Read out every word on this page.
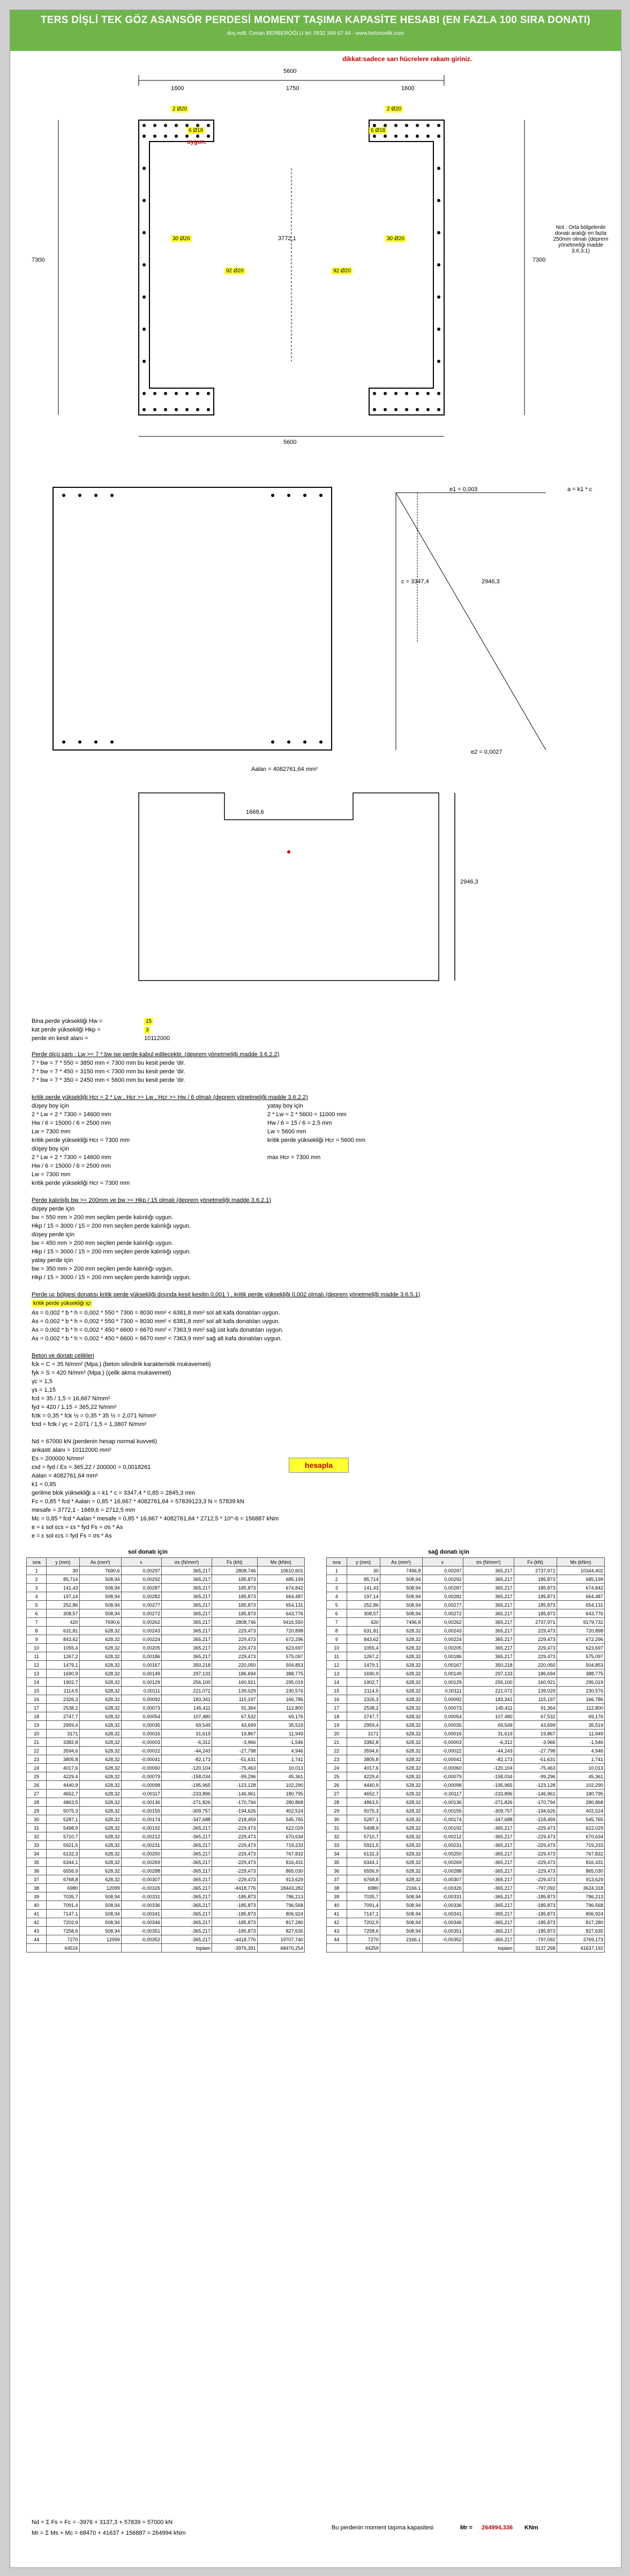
TERS DİŞLİ TEK GÖZ ASANSÖR PERDESİ MOMENT TAŞIMA KAPASİTE HESABI (EN FAZLA 100 SIRA DONATI)
doç.mdt. Cenan BERBEROĞLU tel: 0532 366 67 84 - www.betoncelik.com
dikkat:sadece sarı hücrelere rakam giriniz.
5600
1600	1750	1600
7300	7300
5600
3772,1
2 Ø20
6 Ø18
30 Ø20
92 Ø20
2 Ø20
6 Ø18
30 Ø20
92 Ø20
uygun.
Not : Orta bölgelerde donatı aralığı en fazla 250mm olmalı (deprem yönetmeliği madde 3.6.3.1)
e1 = 0,003	a = k1 * c
c = 3347,4	2946,3
e2 = 0,0027
Aalan = 4082761,64 mm²
1669,6
2946,3
Bina perde yüksekliği Hw =	15
kat perde yüksekliği Hkp =	3
perde en kesit alanı =	10112000
Perde ölçü şartı : Lw >= 7 * bw ise perde kabul edilecektir. (deprem yönetmeliği madde 3.6.2.2)
7 * bw = 7 * 550 = 3850 mm < 7300 mm bu kesit perde 'dir.
7 * bw = 7 * 450 = 3150 mm < 7300 mm bu kesit perde 'dir.
7 * bw = 7 * 350 = 2450 mm < 5600 mm bu kesit perde 'dir.
kritik perde yüksekliği Hcr = 2 * Lw , Hcr >= Lw , Hcr >= Hw / 6 olmalı (deprem yönetmeliği madde 3.6.2.2)
düşey boy için
2 * Lw = 2 * 7300 = 14600 mm
Hw / 6 = 15000 / 6 = 2500 mm
Lw = 7300 mm
kritik perde yüksekliği Hcr = 7300 mm
düşey boy için
2 * Lw = 2 * 7300 = 14600 mm
Hw / 6 = 15000 / 6 = 2500 mm
Lw = 7300 mm
kritik perde yüksekliği Hcr = 7300 mm
yatay boy için
2 * Lw = 2 * 5600 = 11000 mm
Hw / 6 = 15 / 6 = 2,5 mm
Lw = 5600 mm
kritik perde yüksekliği Hcr = 5600 mm
max Hcr = 7300 mm
Perde kalınlığı bw >= 200mm ve bw >= Hkp / 15 olmalı (deprem yönetmeliği madde 3.6.2.1)
düşey perde için
bw = 550 mm > 200 mm seçilen perde kalınlığı uygun.
Hkp / 15 = 3000 / 15 = 200 mm seçilen perde kalınlığı uygun.
düşey perde için
bw = 450 mm > 200 mm seçilen perde kalınlığı uygun.
Hkp / 15 = 3000 / 15 = 200 mm seçilen perde kalınlığı uygun.
yatay perde için
bw = 350 mm > 200 mm seçilen perde kalınlığı uygun.
Hkp / 15 = 3000 / 15 = 200 mm seçilen perde kalınlığı uygun.
Perde uç bölgesi donatısı kritik perde yüksekliği dışında kesit kesitin 0,001 'i , kritik perde yüksekliği 0,002 olmalı (deprem yönetmeliği madde 3.6.5.1)
kritik perde yüksekliği içi
As = 0,002 * b * h = 0,002 * 550 * 7300 = 8030 mm² < 6381,8 mm² sol alt kafa donatıları uygun.
As = 0,002 * b * h = 0,002 * 550 * 7300 = 8030 mm² < 6381,8 mm² sol alt kafa donatıları uygun.
As = 0,002 * b * h = 0,002 * 450 * 6600 = 6670 mm² < 7363,9 mm² sağ üst kafa donatıları uygun.
As = 0,002 * b * h = 0,002 * 450 * 6600 = 6670 mm² < 7363,9 mm² sağ alt kafa donatıları uygun.
Beton ve donatı çelikleri
fck = C = 35 N/mm² (Mpa.) (beton silindirik karakteristik mukavemeti)
fyk = S = 420 N/mm² (Mpa.) (çelik akma mukavemeti)
γc = 1,5
γs = 1,15
fcd = 35 / 1,5 = 16,667 N/mm²
fyd = 420 / 1,15 = 365,22 N/mm²
fctk = 0,35 * fck ½ = 0,35 * 35 ½ = 2,071 N/mm²
fctd = fctk / γc = 2,071 / 1,5 = 1,3807 N/mm²
Nd = 67000 kN (perdenin hesap normal kuvveti)
ankastr alanı = 10112000 mm²
Es = 200000 N/mm²
εsd = fyd / Es = 365,22 / 200000 = 0,0018261
Aalan = 4082761,64 mm²
k1 = 0,85
gerilme blok yüksekliği a = k1 * c = 3347,4 * 0,85 = 2845,3 mm
Fc = 0,85 * fcd * Aalan = 0,85 * 16,667 * 4082761,64 = 57839123,3 N = 57839 kN
mesafe = 3772,1 - 1669,6 = 2712,5 mm
Mc = 0,85 * fcd * Aalan * mesafe = 0,85 * 16,667 * 4082761,64 * 2712,5 * 10^-6 = 156887 kNm
e = ε sol εcs = εs * fyd Fs = σs * As
e = ε sol εcs = fyd Fs = σs * As
hesapla
sol donatı için
sıra	y (mm)	As (mm²)	ε	σs (N/mm²)	Fs (kN)	Ms (kNm)
1	30	7690,6	0,00297	365,217	2808,746	10610,601
2	85,714	508,94	0,00292	365,217	185,873	685,199
3	141,43	508,94	0,00287	365,217	185,873	674,842
4	197,14	508,94	0,00282	365,217	185,873	664,487
5	252,86	508,94	0,00277	365,217	185,873	654,131
6	308,57	508,94	0,00272	365,217	185,873	643,776
7	420	7690,6	0,00262	365,217	2808,746	9416,550
8	631,81	628,32	0,00243	365,217	229,473	720,898
9	843,62	628,32	0,00224	365,217	229,473	672,296
10	1055,4	628,32	0,00205	365,217	229,473	623,697
11	1267,2	628,32	0,00186	365,217	229,473	575,097
12	1479,1	628,32	0,00167	350,218	220,050	504,853
13	1690,9	628,32	0,00149	297,133	186,694	388,775
14	1902,7	628,32	0,00129	256,100	160,921	295,019
15	2114,5	628,32	0,00111	221,072	139,029	230,576
16	2326,3	628,32	0,00092	183,341	115,197	166,786
17	2538,2	628,32	0,00073	145,411	91,364	112,800
18	2747,7	628,32	0,00054	107,480	67,532	69,176
19	2959,4	628,32	0,00035	69,549	43,699	35,519
20	3171	628,32	0,00016	31,619	19,867	11,949
21	3382,8	628,32	-0,00003	-6,312	-3,966	-1,546
22	3594,6	628,32	-0,00022	-44,243	-27,798	4,946
23	3805,8	628,32	-0,00041	-82,173	-51,631	1,741
24	4017,6	628,32	-0,00060	-120,104	-75,463	10,013
25	4229,4	628,32	-0,00079	-158,034	-99,296	45,361
26	4440,9	628,32	-0,00098	-195,965	-123,128	102,290
27	4652,7	628,32	-0,00117	-233,896	-146,961	180,795
28	4863,5	628,32	-0,00136	-271,826	-170,794	280,868
29	5075,3	628,32	-0,00155	-309,757	-194,626	402,524
30	5287,1	628,32	-0,00174	-347,688	-218,459	545,765
31	5498,9	628,32	-0,00192	-365,217	-229,473	622,029
32	5710,7	628,32	-0,00212	-365,217	-229,473	670,634
33	5921,5	628,32	-0,00231	-365,217	-229,473	719,233
34	6132,3	628,32	-0,00250	-365,217	-229,473	767,832
35	6344,1	628,32	-0,00269	-365,217	-229,473	816,431
36	6556,9	628,32	-0,00288	-365,217	-229,473	865,030
37	6768,8	628,32	-0,00307	-365,217	-229,473	913,629
38	6980	12099	-0,00326	-365,217	-4418,776	18443,282
39	7035,7	508,94	-0,00331	-365,217	-185,873	786,213
40	7091,4	508,94	-0,00336	-365,217	-185,873	796,568
41	7147,1	508,94	-0,00341	-365,217	-185,873	806,924
42	7202,9	508,94	-0,00346	-365,217	-185,873	817,280
43	7258,6	508,94	-0,00351	-365,217	-185,873	827,635
44	7270	12099	-0,00352	-365,217	-4418,776	19707,740
	64516			toplam	-3976,391	68470,254
sağ donatı için
sıra	y (mm)	As (mm²)	ε	σs (N/mm²)	Fs (kN)	Ms (kNm)
1	30	7496,8	0,00297	365,217	2737,971	10344,402
2	85,714	508,94	0,00292	365,217	185,873	685,199
3	141,43	508,94	0,00287	365,217	185,873	674,842
4	197,14	508,94	0,00282	365,217	185,873	664,487
5	252,86	508,94	0,00277	365,217	185,873	654,131
6	308,57	508,94	0,00272	365,217	185,873	643,776
7	420	7496,8	0,00262	365,217	2737,971	9179,732
8	631,81	628,32	0,00243	365,217	229,473	720,898
9	843,62	628,32	0,00224	365,217	229,473	672,296
10	1055,4	628,32	0,00205	365,217	229,473	623,697
11	1267,2	628,32	0,00186	365,217	229,473	575,097
12	1479,1	628,32	0,00167	350,218	220,050	504,853
13	1690,9	628,32	0,00149	297,133	186,694	388,775
14	1902,7	628,32	0,00129	256,100	160,921	295,019
15	2114,5	628,32	0,00111	221,072	139,029	230,576
16	2326,3	628,32	0,00092	183,341	115,197	166,786
17	2538,2	628,32	0,00073	145,411	91,364	112,800
18	2747,7	628,32	0,00054	107,480	67,532	69,176
19	2959,4	628,32	0,00035	69,549	43,699	35,519
20	3171	628,32	0,00016	31,619	19,867	11,949
21	3382,8	628,32	-0,00003	-6,312	-3,966	-1,546
22	3594,6	628,32	-0,00022	-44,243	-27,798	4,946
23	3805,8	628,32	-0,00041	-82,173	-51,631	1,741
24	4017,6	628,32	-0,00060	-120,104	-75,463	10,013
25	4229,4	628,32	-0,00079	-158,034	-99,296	45,361
26	4440,9	628,32	-0,00098	-195,965	-123,128	102,290
27	4652,7	628,32	-0,00117	-233,896	-146,961	180,795
28	4863,5	628,32	-0,00136	-271,826	-170,794	280,868
29	5075,3	628,32	-0,00155	-309,757	-194,626	402,524
30	5287,1	628,32	-0,00174	-347,688	-218,459	545,765
31	5498,9	628,32	-0,00192	-365,217	-229,473	622,029
32	5710,7	628,32	-0,00212	-365,217	-229,473	670,634
33	5921,5	628,32	-0,00231	-365,217	-229,473	719,233
34	6132,3	628,32	-0,00250	-365,217	-229,473	767,832
35	6344,1	628,32	-0,00269	-365,217	-229,473	816,431
36	6556,9	628,32	-0,00288	-365,217	-229,473	865,030
37	6768,8	628,32	-0,00307	-365,217	-229,473	913,629
38	6980	2166,1	-0,00326	-365,217	-797,092	3624,318
39	7035,7	508,94	-0,00331	-365,217	-185,873	786,213
40	7091,4	508,94	-0,00336	-365,217	-185,873	796,568
41	7147,1	508,94	-0,00341	-365,217	-185,873	806,924
42	7202,9	508,94	-0,00346	-365,217	-185,873	817,280
43	7258,6	508,94	-0,00351	-365,217	-185,873	827,635
44	7270	2166,1	-0,00352	-365,217	-797,092	3769,173
	44259			toplam	3137,268	41637,192
Nd = Σ Fs + Fc = -3976 + 3137,3 + 57839 = 57000 kN
Mr = Σ Ms + Mc = 68470 + 41637 + 156887 = 264994 kNm
Bu perdenin moment taşıma kapasitesi	Mr = 264994,336 KNm
